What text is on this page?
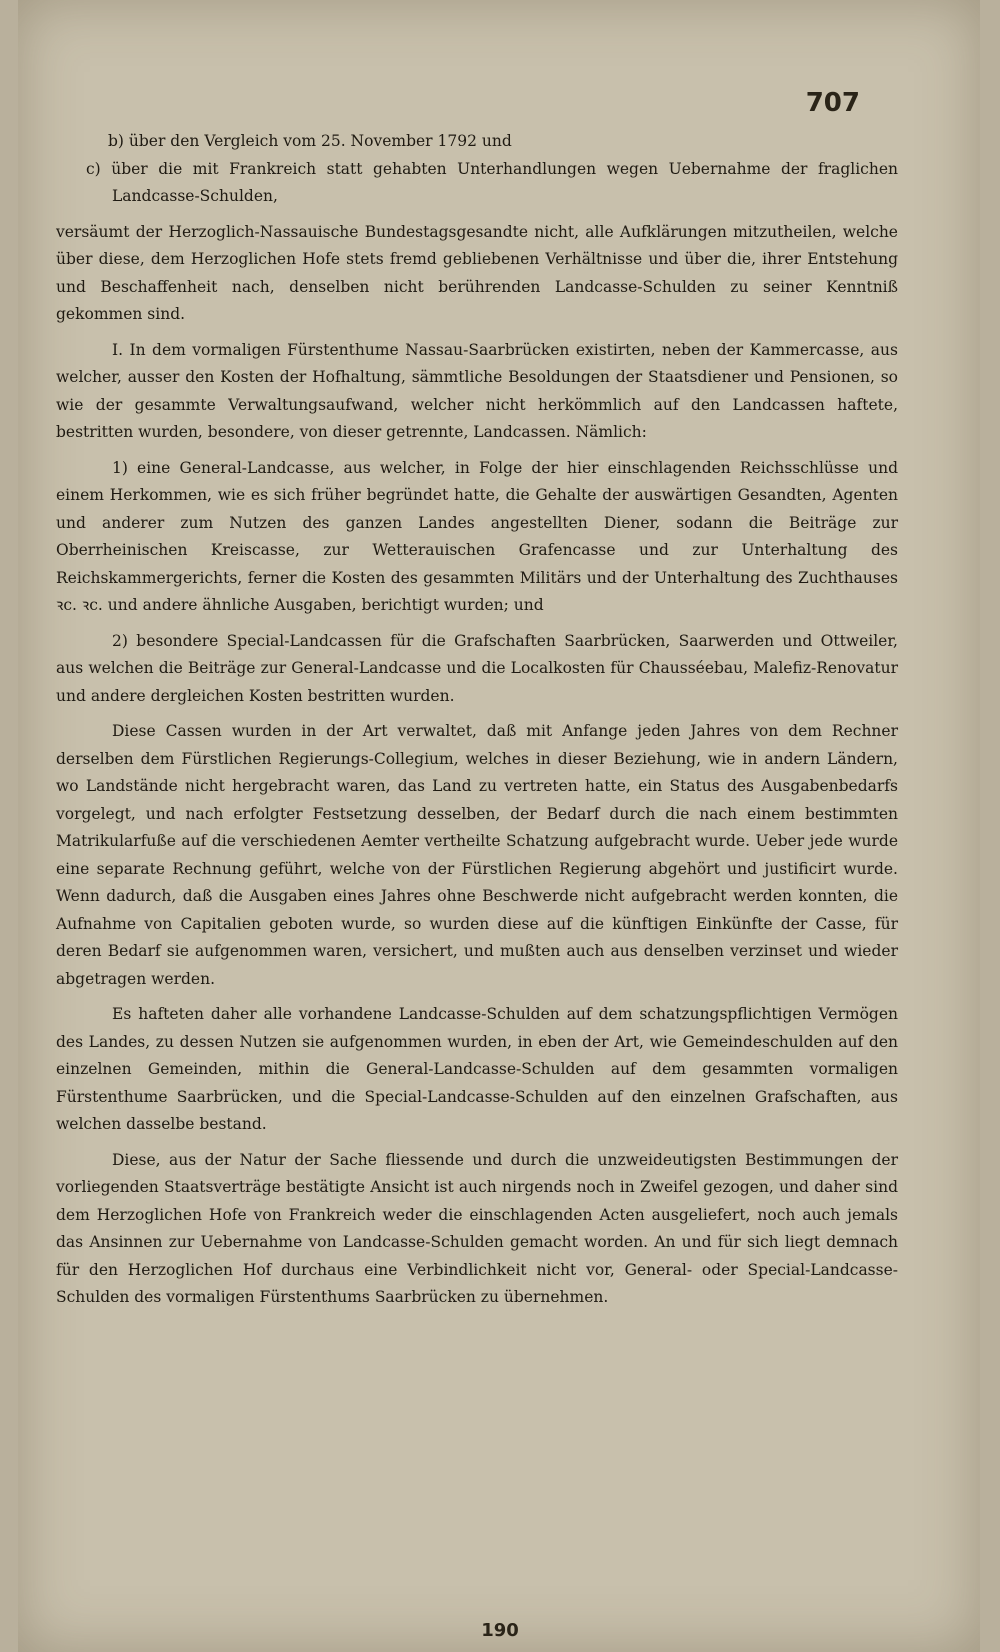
707

b) über den Vergleich vom 25. November 1792 und

c) über die mit Frankreich statt gehabten Unterhandlungen wegen Uebernahme der fraglichen Landcasse-Schulden,

versäumt der Herzoglich-Nassauische Bundestagsgesandte nicht, alle Aufklärungen mitzutheilen, welche über diese, dem Herzoglichen Hofe stets fremd gebliebenen Verhältnisse und über die, ihrer Entstehung und Beschaffenheit nach, denselben nicht berührenden Landcasse-Schulden zu seiner Kenntniß gekommen sind.

I. In dem vormaligen Fürstenthume Nassau-Saarbrücken existirten, neben der Kammercasse, aus welcher, ausser den Kosten der Hofhaltung, sämmtliche Besoldungen der Staatsdiener und Pensionen, so wie der gesammte Verwaltungsaufwand, welcher nicht herkömmlich auf den Landcassen haftete, bestritten wurden, besondere, von dieser getrennte, Landcassen. Nämlich:

1) eine General-Landcasse, aus welcher, in Folge der hier einschlagenden Reichsschlüsse und einem Herkommen, wie es sich früher begründet hatte, die Gehalte der auswärtigen Gesandten, Agenten und anderer zum Nutzen des ganzen Landes angestellten Diener, sodann die Beiträge zur Oberrheinischen Kreiscasse, zur Wetterauischen Grafencasse und zur Unterhaltung des Reichskammergerichts, ferner die Kosten des gesammten Militärs und der Unterhaltung des Zuchthauses ꝛc. ꝛc. und andere ähnliche Ausgaben, berichtigt wurden; und

2) besondere Special-Landcassen für die Grafschaften Saarbrücken, Saarwerden und Ottweiler, aus welchen die Beiträge zur General-Landcasse und die Localkosten für Chausséebau, Malefiz-Renovatur und andere dergleichen Kosten bestritten wurden.

Diese Cassen wurden in der Art verwaltet, daß mit Anfange jeden Jahres von dem Rechner derselben dem Fürstlichen Regierungs-Collegium, welches in dieser Beziehung, wie in andern Ländern, wo Landstände nicht hergebracht waren, das Land zu vertreten hatte, ein Status des Ausgabenbedarfs vorgelegt, und nach erfolgter Festsetzung desselben, der Bedarf durch die nach einem bestimmten Matrikularfuße auf die verschiedenen Aemter vertheilte Schatzung aufgebracht wurde. Ueber jede wurde eine separate Rechnung geführt, welche von der Fürstlichen Regierung abgehört und justificirt wurde. Wenn dadurch, daß die Ausgaben eines Jahres ohne Beschwerde nicht aufgebracht werden konnten, die Aufnahme von Capitalien geboten wurde, so wurden diese auf die künftigen Einkünfte der Casse, für deren Bedarf sie aufgenommen waren, versichert, und mußten auch aus denselben verzinset und wieder abgetragen werden.

Es hafteten daher alle vorhandene Landcasse-Schulden auf dem schatzungspflichtigen Vermögen des Landes, zu dessen Nutzen sie aufgenommen wurden, in eben der Art, wie Gemeindeschulden auf den einzelnen Gemeinden, mithin die General-Landcasse-Schulden auf dem gesammten vormaligen Fürstenthume Saarbrücken, und die Special-Landcasse-Schulden auf den einzelnen Grafschaften, aus welchen dasselbe bestand.

Diese, aus der Natur der Sache fliessende und durch die unzweideutigsten Bestimmungen der vorliegenden Staatsverträge bestätigte Ansicht ist auch nirgends noch in Zweifel gezogen, und daher sind dem Herzoglichen Hofe von Frankreich weder die einschlagenden Acten ausgeliefert, noch auch jemals das Ansinnen zur Uebernahme von Landcasse-Schulden gemacht worden. An und für sich liegt demnach für den Herzoglichen Hof durchaus eine Verbindlichkeit nicht vor, General- oder Special-Landcasse-Schulden des vormaligen Fürstenthums Saarbrücken zu übernehmen.

190
